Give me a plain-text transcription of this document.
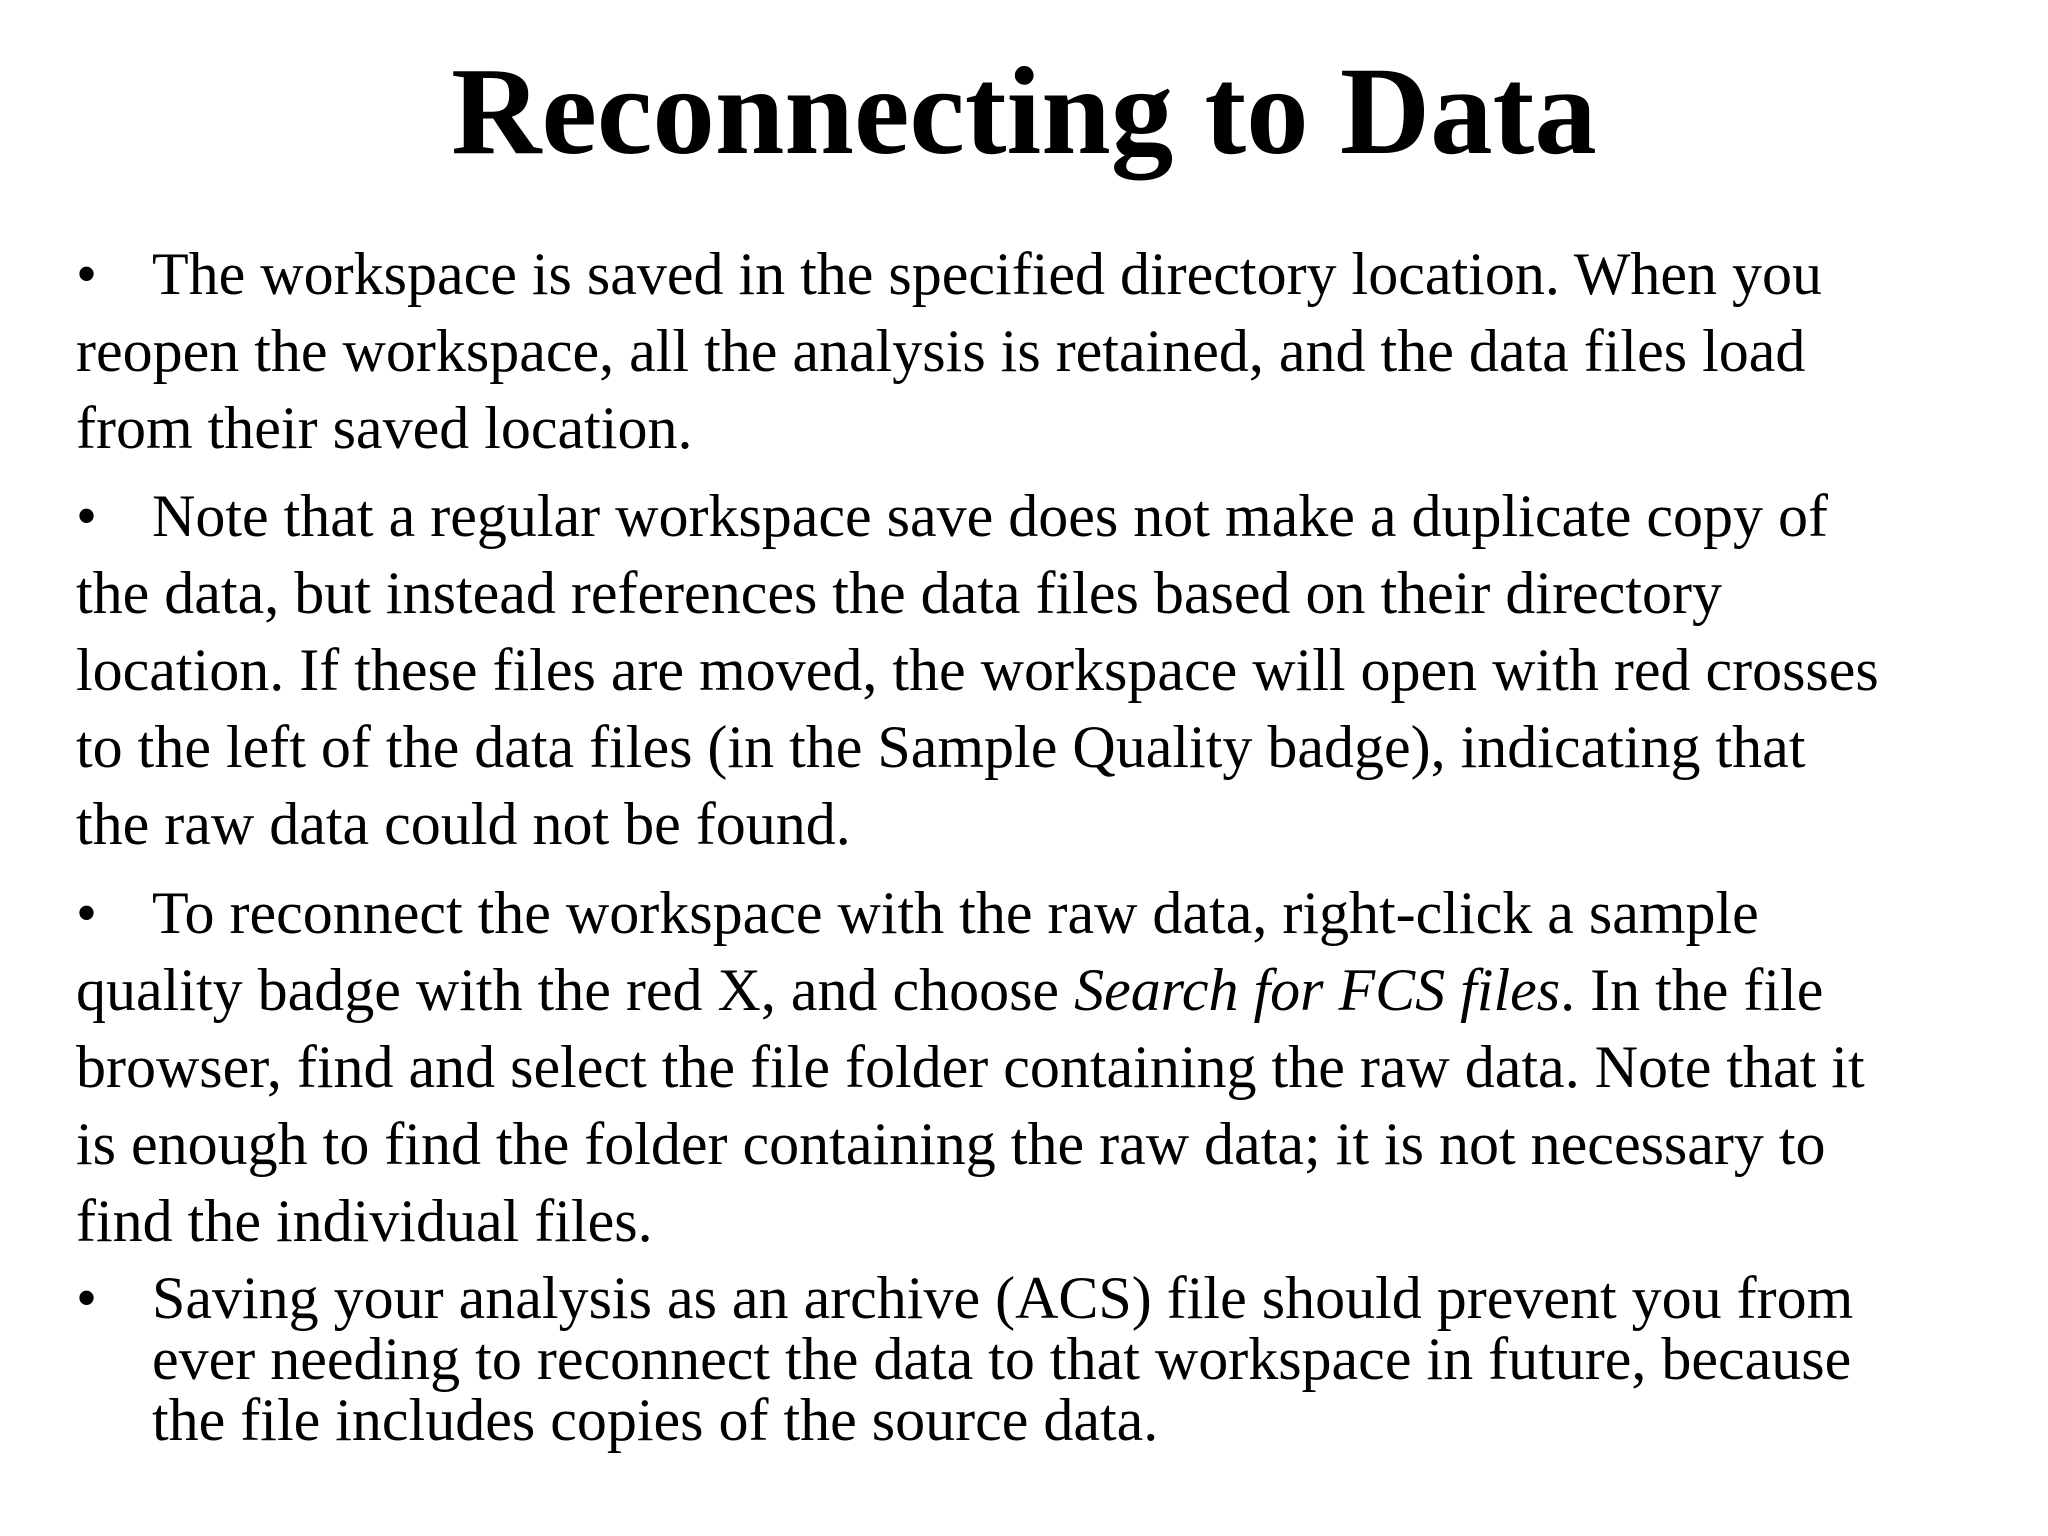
Reconnecting to Data
• The workspace is saved in the specified directory location. When you
reopen the workspace, all the analysis is retained, and the data files load
from their saved location.
• Note that a regular workspace save does not make a duplicate copy of
the data, but instead references the data files based on their directory
location. If these files are moved, the workspace will open with red crosses
to the left of the data files (in the Sample Quality badge), indicating that
the raw data could not be found.
• To reconnect the workspace with the raw data, right-click a sample
quality badge with the red X, and choose Search for FCS files. In the file
browser, find and select the file folder containing the raw data. Note that it
is enough to find the folder containing the raw data; it is not necessary to
find the individual files.
• Saving your analysis as an archive (ACS) file should prevent you from
ever needing to reconnect the data to that workspace in future, because
the file includes copies of the source data.
